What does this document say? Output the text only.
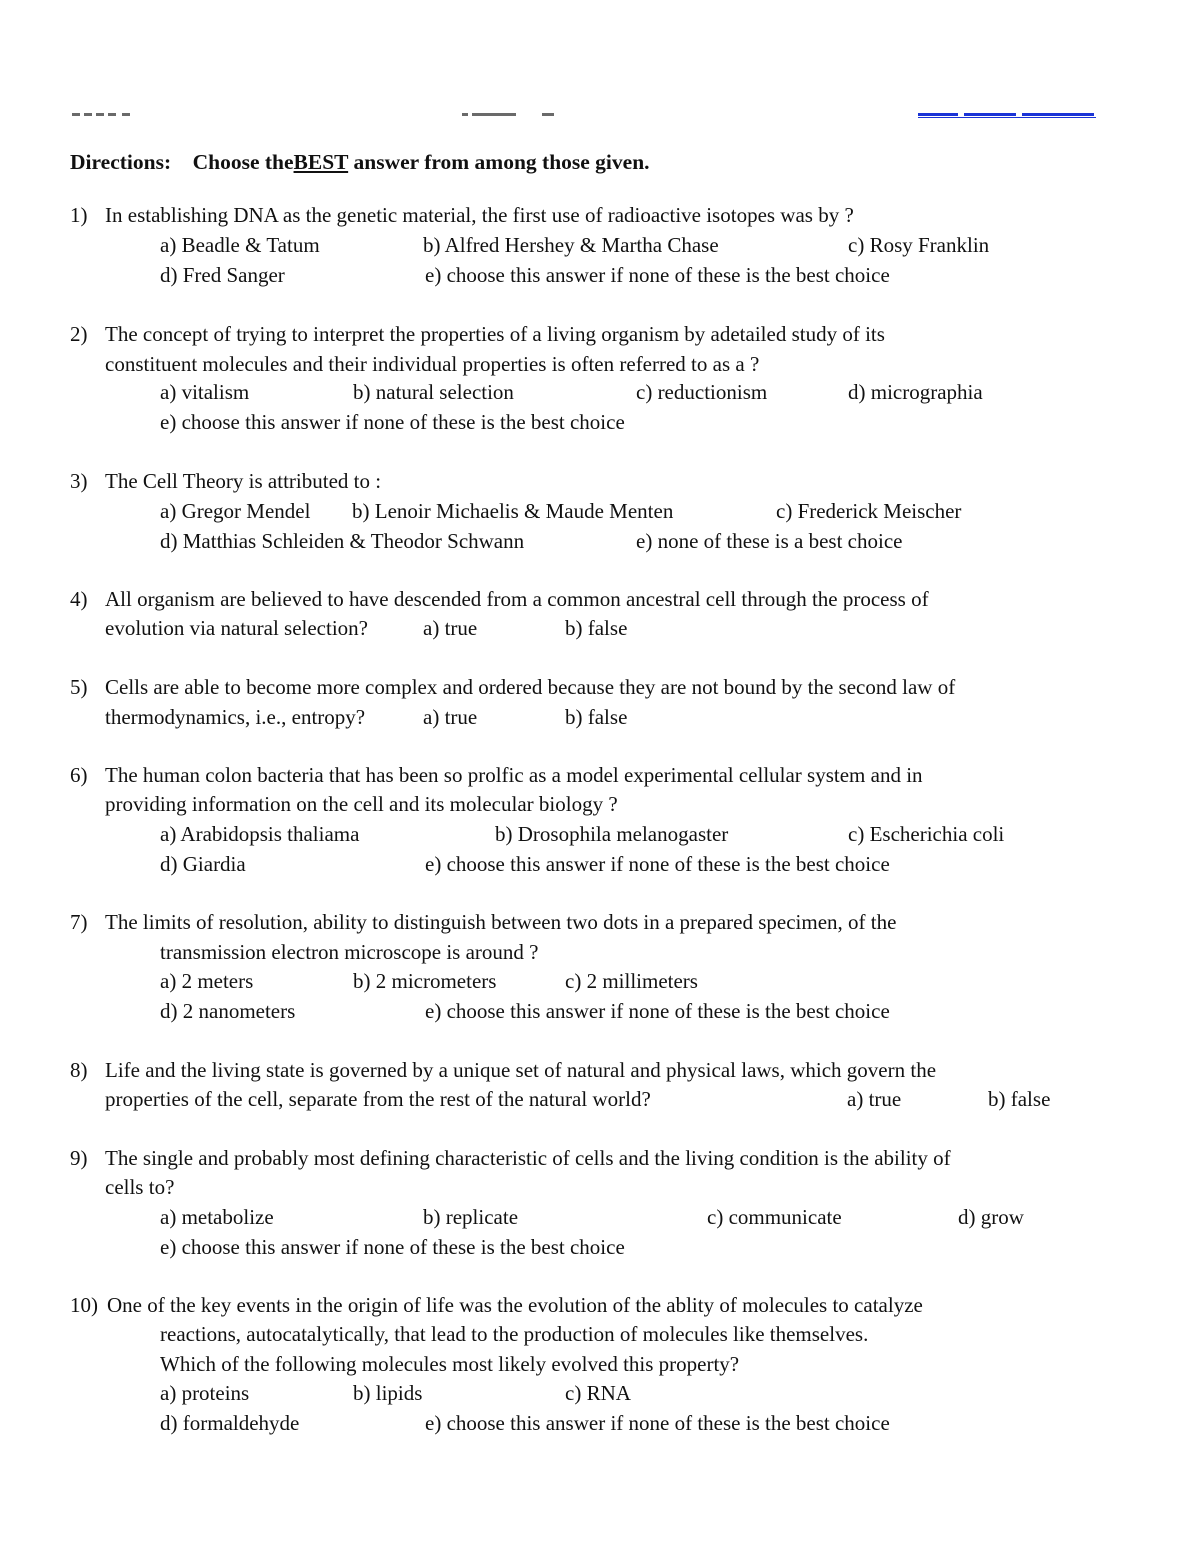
Directions: Choose theBEST answer from among those given.
1) In establishing DNA as the genetic material, the first use of radioactive isotopes was by ?
a) Beadle & Tatum	b) Alfred Hershey & Martha Chase	c) Rosy Franklin
d) Fred Sanger	e) choose this answer if none of these is the best choice
2) The concept of trying to interpret the properties of a living organism by adetailed study of its
constituent molecules and their individual properties is often referred to as a ?
a) vitalism	b) natural selection	c) reductionism	d) micrographia
e) choose this answer if none of these is the best choice
3) The Cell Theory is attributed to :
a) Gregor Mendel b) Lenoir Michaelis & Maude Menten	c) Frederick Meischer
d) Matthias Schleiden & Theodor Schwann	e) none of these is a best choice
4) All organism are believed to have descended from a common ancestral cell through the process of
evolution via natural selection?	a) true	b) false
5) Cells are able to become more complex and ordered because they are not bound by the second law of
thermodynamics, i.e., entropy?	a) true	b) false
6) The human colon bacteria that has been so prolfic as a model experimental cellular system and in
providing information on the cell and its molecular biology ?
a) Arabidopsis thaliama	b) Drosophila melanogaster	c) Escherichia coli
d) Giardia	e) choose this answer if none of these is the best choice
7) The limits of resolution, ability to distinguish between two dots in a prepared specimen, of the
transmission electron microscope is around ?
a) 2 meters	b) 2 micrometers	c) 2 millimeters
d) 2 nanometers	e) choose this answer if none of these is the best choice
8) Life and the living state is governed by a unique set of natural and physical laws, which govern the
properties of the cell, separate from the rest of the natural world?	a) true	b) false
9) The single and probably most defining characteristic of cells and the living condition is the ability of
cells to?
a) metabolize	b) replicate	c) communicate	d) grow
e) choose this answer if none of these is the best choice
10) One of the key events in the origin of life was the evolution of the ablity of molecules to catalyze
reactions, autocatalytically, that lead to the production of molecules like themselves.
Which of the following molecules most likely evolved this property?
a) proteins	b) lipids	c) RNA
d) formaldehyde	e) choose this answer if none of these is the best choice
